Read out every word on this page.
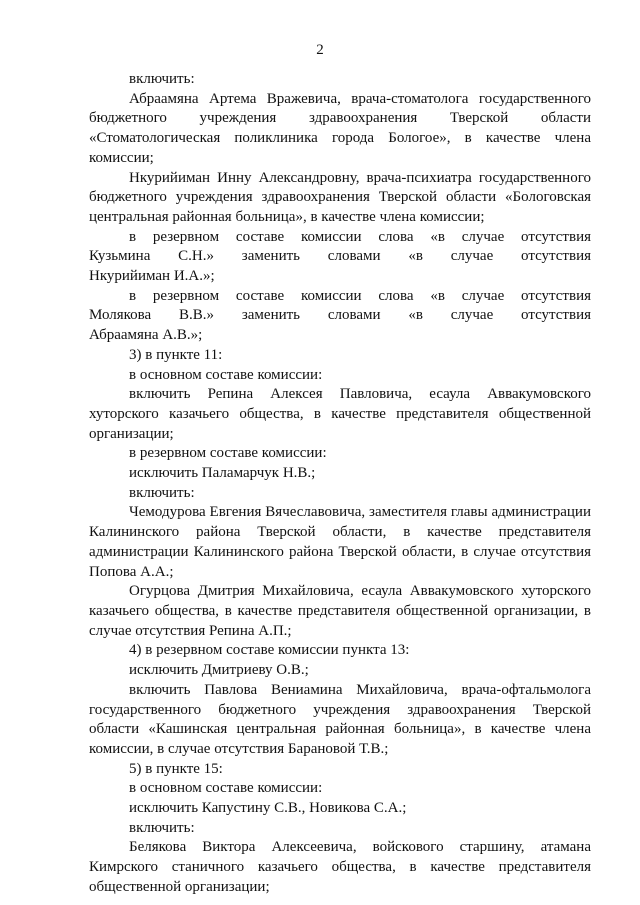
2

включить:

Абраамяна Артема Вражевича, врача-стоматолога государственного бюджетного учреждения здравоохранения Тверской области «Стоматологическая поликлиника города Бологое», в качестве члена комиссии;

Нкурийиман Инну Александровну, врача-психиатра государственного бюджетного учреждения здравоохранения Тверской области «Бологовская центральная районная больница», в качестве члена комиссии;

в резервном составе комиссии слова «в случае отсутствия

Кузьмина С.Н.» заменить словами «в случае отсутствия

Нкурийиман И.А.»;

в резервном составе комиссии слова «в случае отсутствия

Молякова В.В.» заменить словами «в случае отсутствия

Абраамяна А.В.»;

3) в пункте 11:

в основном составе комиссии:

включить Репина Алексея Павловича, есаула Аввакумовского хуторского казачьего общества, в качестве представителя общественной организации;

в резервном составе комиссии:

исключить Паламарчук Н.В.;

включить:

Чемодурова Евгения Вячеславовича, заместителя главы администрации Калининского района Тверской области, в качестве представителя администрации Калининского района Тверской области, в случае отсутствия Попова А.А.;

Огурцова Дмитрия Михайловича, есаула Аввакумовского хуторского казачьего общества, в качестве представителя общественной организации, в случае отсутствия Репина А.П.;

4) в резервном составе комиссии пункта 13:

исключить Дмитриеву О.В.;

включить Павлова Вениамина Михайловича, врача-офтальмолога государственного бюджетного учреждения здравоохранения Тверской области «Кашинская центральная районная больница», в качестве члена комиссии, в случае отсутствия Барановой Т.В.;

5) в пункте 15:

в основном составе комиссии:

исключить Капустину С.В., Новикова С.А.;

включить:

Белякова Виктора Алексеевича, войскового старшину, атамана Кимрского станичного казачьего общества, в качестве представителя общественной организации;
